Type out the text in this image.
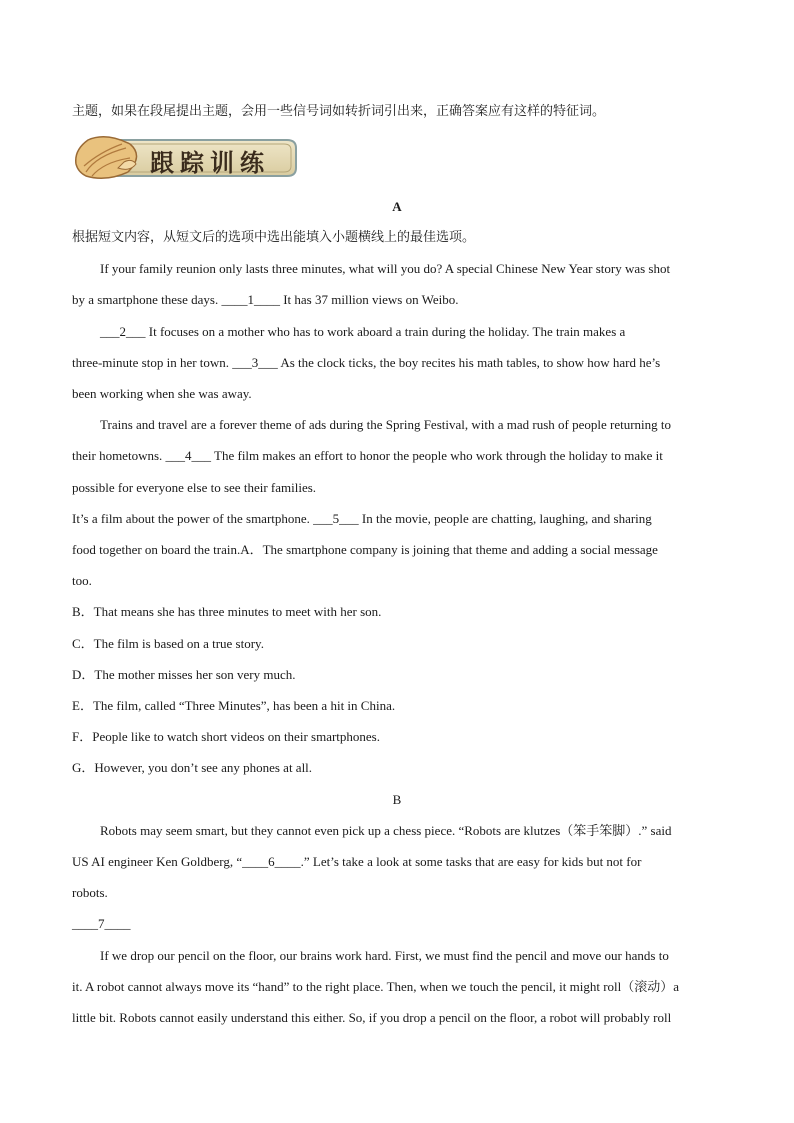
主题，如果在段尾提出主题，会用一些信号词如转折词引出来，正确答案应有这样的特征词。
跟踪训练
A
根据短文内容，从短文后的选项中选出能填入小题横线上的最佳选项。
If your family reunion only lasts three minutes, what will you do? A special Chinese New Year story was shot
by a smartphone these days. ____1____ It has 37 million views on Weibo.
___2___ It focuses on a mother who has to work aboard a train during the holiday. The train makes a
three-minute stop in her town. ___3___ As the clock ticks, the boy recites his math tables, to show how hard he’s
been working when she was away.
Trains and travel are a forever theme of ads during the Spring Festival, with a mad rush of people returning to
their hometowns. ___4___ The film makes an effort to honor the people who work through the holiday to make it
possible for everyone else to see their families.
It’s a film about the power of the smartphone. ___5___ In the movie, people are chatting, laughing, and sharing
food together on board the train.A．The smartphone company is joining that theme and adding a social message
too.
B．That means she has three minutes to meet with her son.
C．The film is based on a true story.
D．The mother misses her son very much.
E．The film, called “Three Minutes”, has been a hit in China.
F．People like to watch short videos on their smartphones.
G．However, you don’t see any phones at all.
B
Robots may seem smart, but they cannot even pick up a chess piece. “Robots are klutzes（笨手笨脚）.” said
US AI engineer Ken Goldberg, “____6____.” Let’s take a look at some tasks that are easy for kids but not for
robots.
____7____
If we drop our pencil on the floor, our brains work hard. First, we must find the pencil and move our hands to
it. A robot cannot always move its “hand” to the right place. Then, when we touch the pencil, it might roll（滚动）a
little bit. Robots cannot easily understand this either. So, if you drop a pencil on the floor, a robot will probably roll
